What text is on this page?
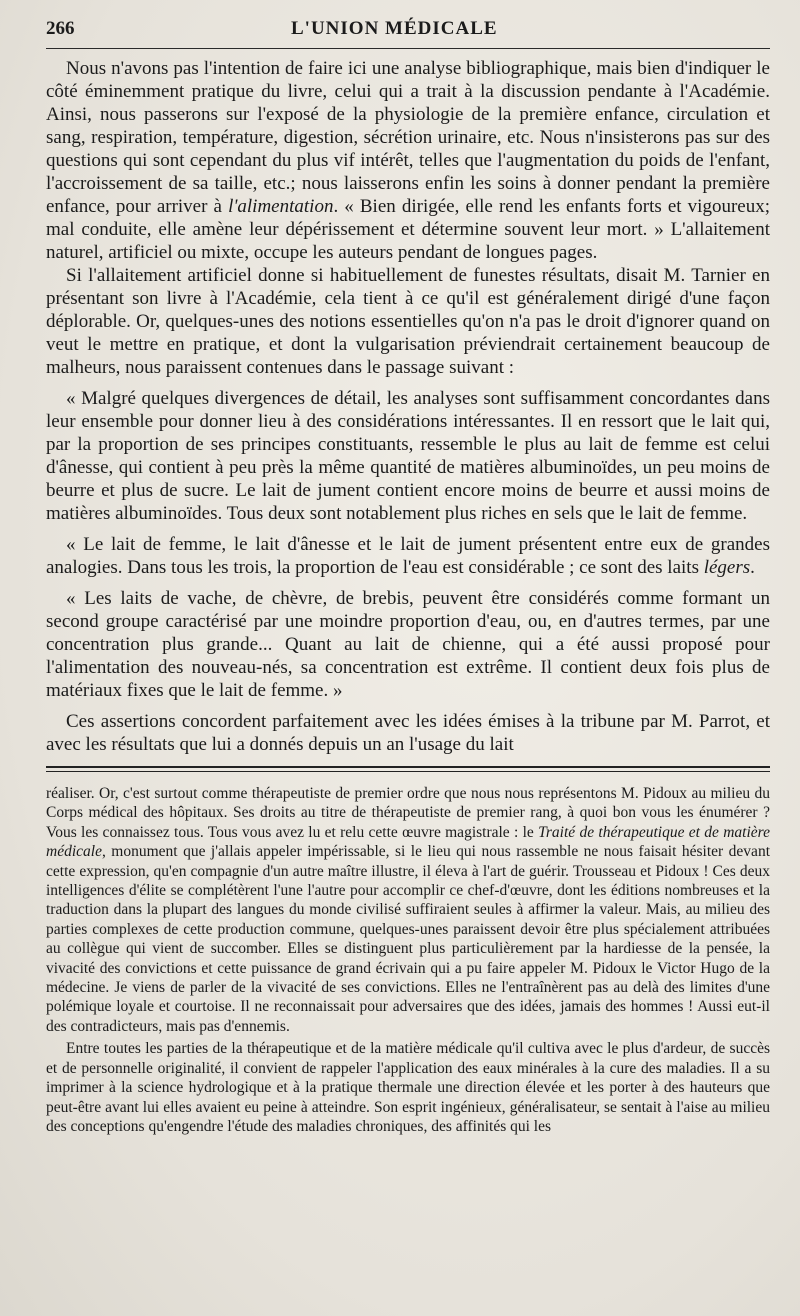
266	L'UNION MÉDICALE

Nous n'avons pas l'intention de faire ici une analyse bibliographique, mais bien d'indiquer le côté éminemment pratique du livre, celui qui a trait à la discussion pendante à l'Académie. Ainsi, nous passerons sur l'exposé de la physiologie de la première enfance, circulation et sang, respiration, température, digestion, sécrétion urinaire, etc. Nous n'insisterons pas sur des questions qui sont cependant du plus vif intérêt, telles que l'augmentation du poids de l'enfant, l'accroissement de sa taille, etc.; nous laisserons enfin les soins à donner pendant la première enfance, pour arriver à l'alimentation. « Bien dirigée, elle rend les enfants forts et vigoureux; mal conduite, elle amène leur dépérissement et détermine souvent leur mort. » L'allaitement naturel, artificiel ou mixte, occupe les auteurs pendant de longues pages.

Si l'allaitement artificiel donne si habituellement de funestes résultats, disait M. Tarnier en présentant son livre à l'Académie, cela tient à ce qu'il est généralement dirigé d'une façon déplorable. Or, quelques-unes des notions essentielles qu'on n'a pas le droit d'ignorer quand on veut le mettre en pratique, et dont la vulgarisation préviendrait certainement beaucoup de malheurs, nous paraissent contenues dans le passage suivant :

« Malgré quelques divergences de détail, les analyses sont suffisamment concordantes dans leur ensemble pour donner lieu à des considérations intéressantes. Il en ressort que le lait qui, par la proportion de ses principes constituants, ressemble le plus au lait de femme est celui d'ânesse, qui contient à peu près la même quantité de matières albuminoïdes, un peu moins de beurre et plus de sucre. Le lait de jument contient encore moins de beurre et aussi moins de matières albuminoïdes. Tous deux sont notablement plus riches en sels que le lait de femme.

« Le lait de femme, le lait d'ânesse et le lait de jument présentent entre eux de grandes analogies. Dans tous les trois, la proportion de l'eau est considérable ; ce sont des laits légers.

« Les laits de vache, de chèvre, de brebis, peuvent être considérés comme formant un second groupe caractérisé par une moindre proportion d'eau, ou, en d'autres termes, par une concentration plus grande... Quant au lait de chienne, qui a été aussi proposé pour l'alimentation des nouveau-nés, sa concentration est extrême. Il contient deux fois plus de matériaux fixes que le lait de femme. »

Ces assertions concordent parfaitement avec les idées émises à la tribune par M. Parrot, et avec les résultats que lui a donnés depuis un an l'usage du lait

réaliser. Or, c'est surtout comme thérapeutiste de premier ordre que nous nous représentons M. Pidoux au milieu du Corps médical des hôpitaux. Ses droits au titre de thérapeutiste de premier rang, à quoi bon vous les énumérer ? Vous les connaissez tous. Tous vous avez lu et relu cette œuvre magistrale : le Traité de thérapeutique et de matière médicale, monument que j'allais appeler impérissable, si le lieu qui nous rassemble ne nous faisait hésiter devant cette expression, qu'en compagnie d'un autre maître illustre, il éleva à l'art de guérir. Trousseau et Pidoux ! Ces deux intelligences d'élite se complétèrent l'une l'autre pour accomplir ce chef-d'œuvre, dont les éditions nombreuses et la traduction dans la plupart des langues du monde civilisé suffiraient seules à affirmer la valeur. Mais, au milieu des parties complexes de cette production commune, quelques-unes paraissent devoir être plus spécialement attribuées au collègue qui vient de succomber. Elles se distinguent plus particulièrement par la hardiesse de la pensée, la vivacité des convictions et cette puissance de grand écrivain qui a pu faire appeler M. Pidoux le Victor Hugo de la médecine. Je viens de parler de la vivacité de ses convictions. Elles ne l'entraînèrent pas au delà des limites d'une polémique loyale et courtoise. Il ne reconnaissait pour adversaires que des idées, jamais des hommes ! Aussi eut-il des contradicteurs, mais pas d'ennemis.

Entre toutes les parties de la thérapeutique et de la matière médicale qu'il cultiva avec le plus d'ardeur, de succès et de personnelle originalité, il convient de rappeler l'application des eaux minérales à la cure des maladies. Il a su imprimer à la science hydrologique et à la pratique thermale une direction élevée et les porter à des hauteurs que peut-être avant lui elles avaient eu peine à atteindre. Son esprit ingénieux, généralisateur, se sentait à l'aise au milieu des conceptions qu'engendre l'étude des maladies chroniques, des affinités qui les
